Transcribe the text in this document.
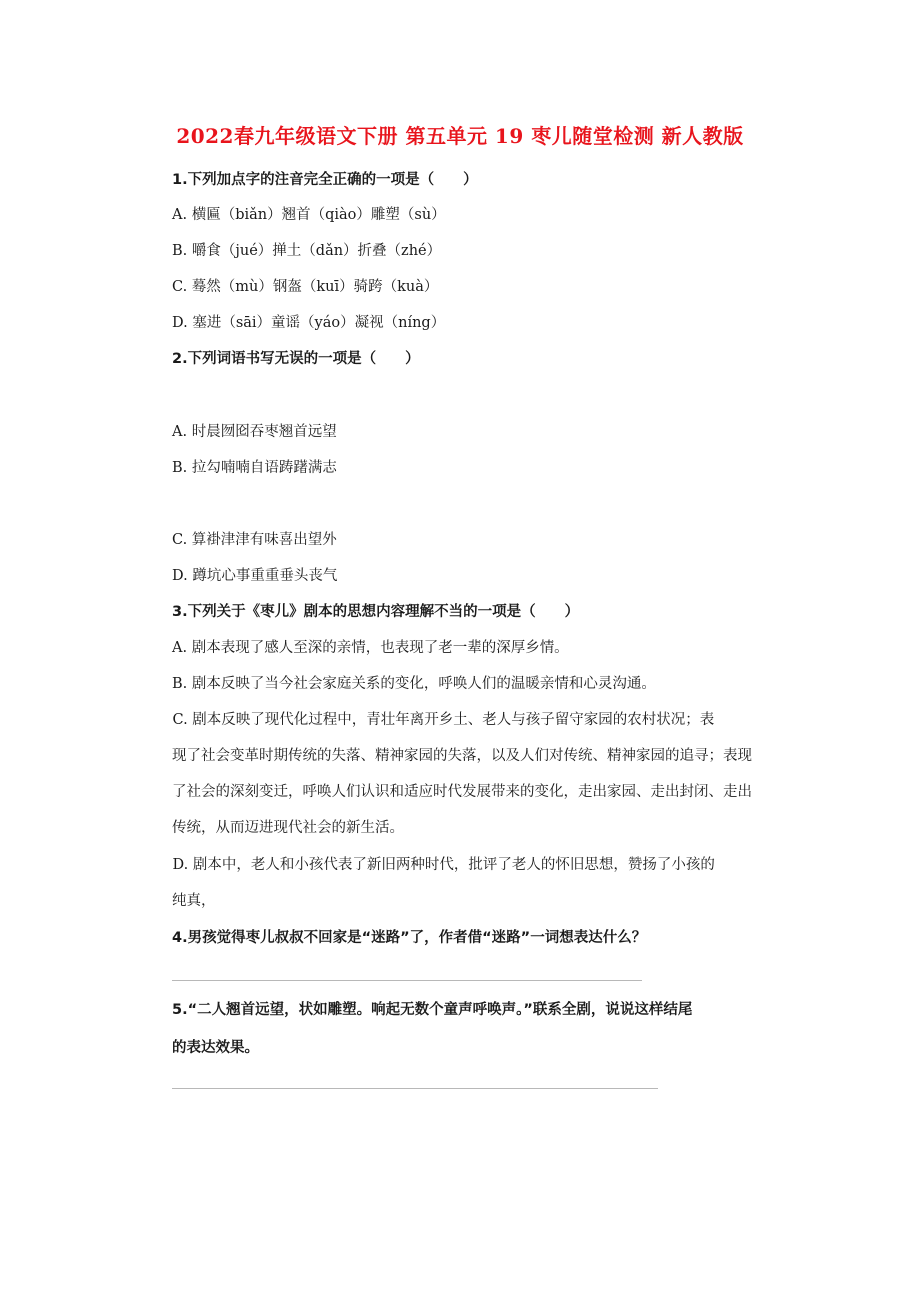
2022春九年级语文下册 第五单元 19 枣儿随堂检测 新人教版
1.下列加点字的注音完全正确的一项是（　　）
A. 横匾（biǎn）翘首（qiào）雕塑（sù）
B. 嚼食（jué）掸土（dǎn）折叠（zhé）
C. 蓦然（mù）钢盔（kuī）骑跨（kuà）
D. 塞进（sāi）童谣（yáo）凝视（níng）
2.下列词语书写无误的一项是（　　）
A. 时晨囫囵吞枣翘首远望
B. 拉勾喃喃自语踌躇满志
C. 算褂津津有味喜出望外
D. 蹲坑心事重重垂头丧气
3.下列关于《枣儿》剧本的思想内容理解不当的一项是（　　）
A. 剧本表现了感人至深的亲情，也表现了老一辈的深厚乡情。
B. 剧本反映了当今社会家庭关系的变化，呼唤人们的温暖亲情和心灵沟通。
　C. 剧本反映了现代化过程中，青壮年离开乡土、老人与孩子留守家园的农村状况；表
现了社会变革时期传统的失落、精神家园的失落，以及人们对传统、精神家园的追寻；表现
了社会的深刻变迁，呼唤人们认识和适应时代发展带来的变化，走出家园、走出封闭、走出
传统，从而迈进现代社会的新生活。
　D. 剧本中，老人和小孩代表了新旧两种时代，批评了老人的怀旧思想，赞扬了小孩的
纯真，
4.男孩觉得枣儿叔叔不回家是“迷路”了，作者借“迷路”一词想表达什么？
5.“二人翘首远望，状如雕塑。响起无数个童声呼唤声。”联系全剧，说说这样结尾
的表达效果。
